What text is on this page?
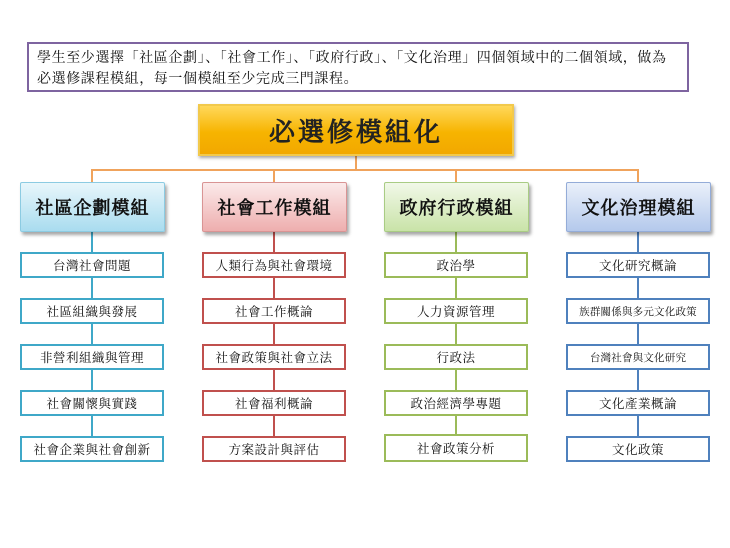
學生至少選擇「社區企劃」、「社會工作」、「政府行政」、「文化治理」四個領域中的二個領域，做為必選修課程模組，每一個模組至少完成三門課程。
必選修模組化
社區企劃模組	社會工作模組	政府行政模組	文化治理模組
台灣社會問題
社區組織與發展
非營利組織與管理
社會關懷與實踐
社會企業與社會創新
人類行為與社會環境
社會工作概論
社會政策與社會立法
社會福利概論
方案設計與評估
政治學
人力資源管理
行政法
政治經濟學專題
社會政策分析
文化研究概論
族群關係與多元文化政策
台灣社會與文化研究
文化產業概論
文化政策
